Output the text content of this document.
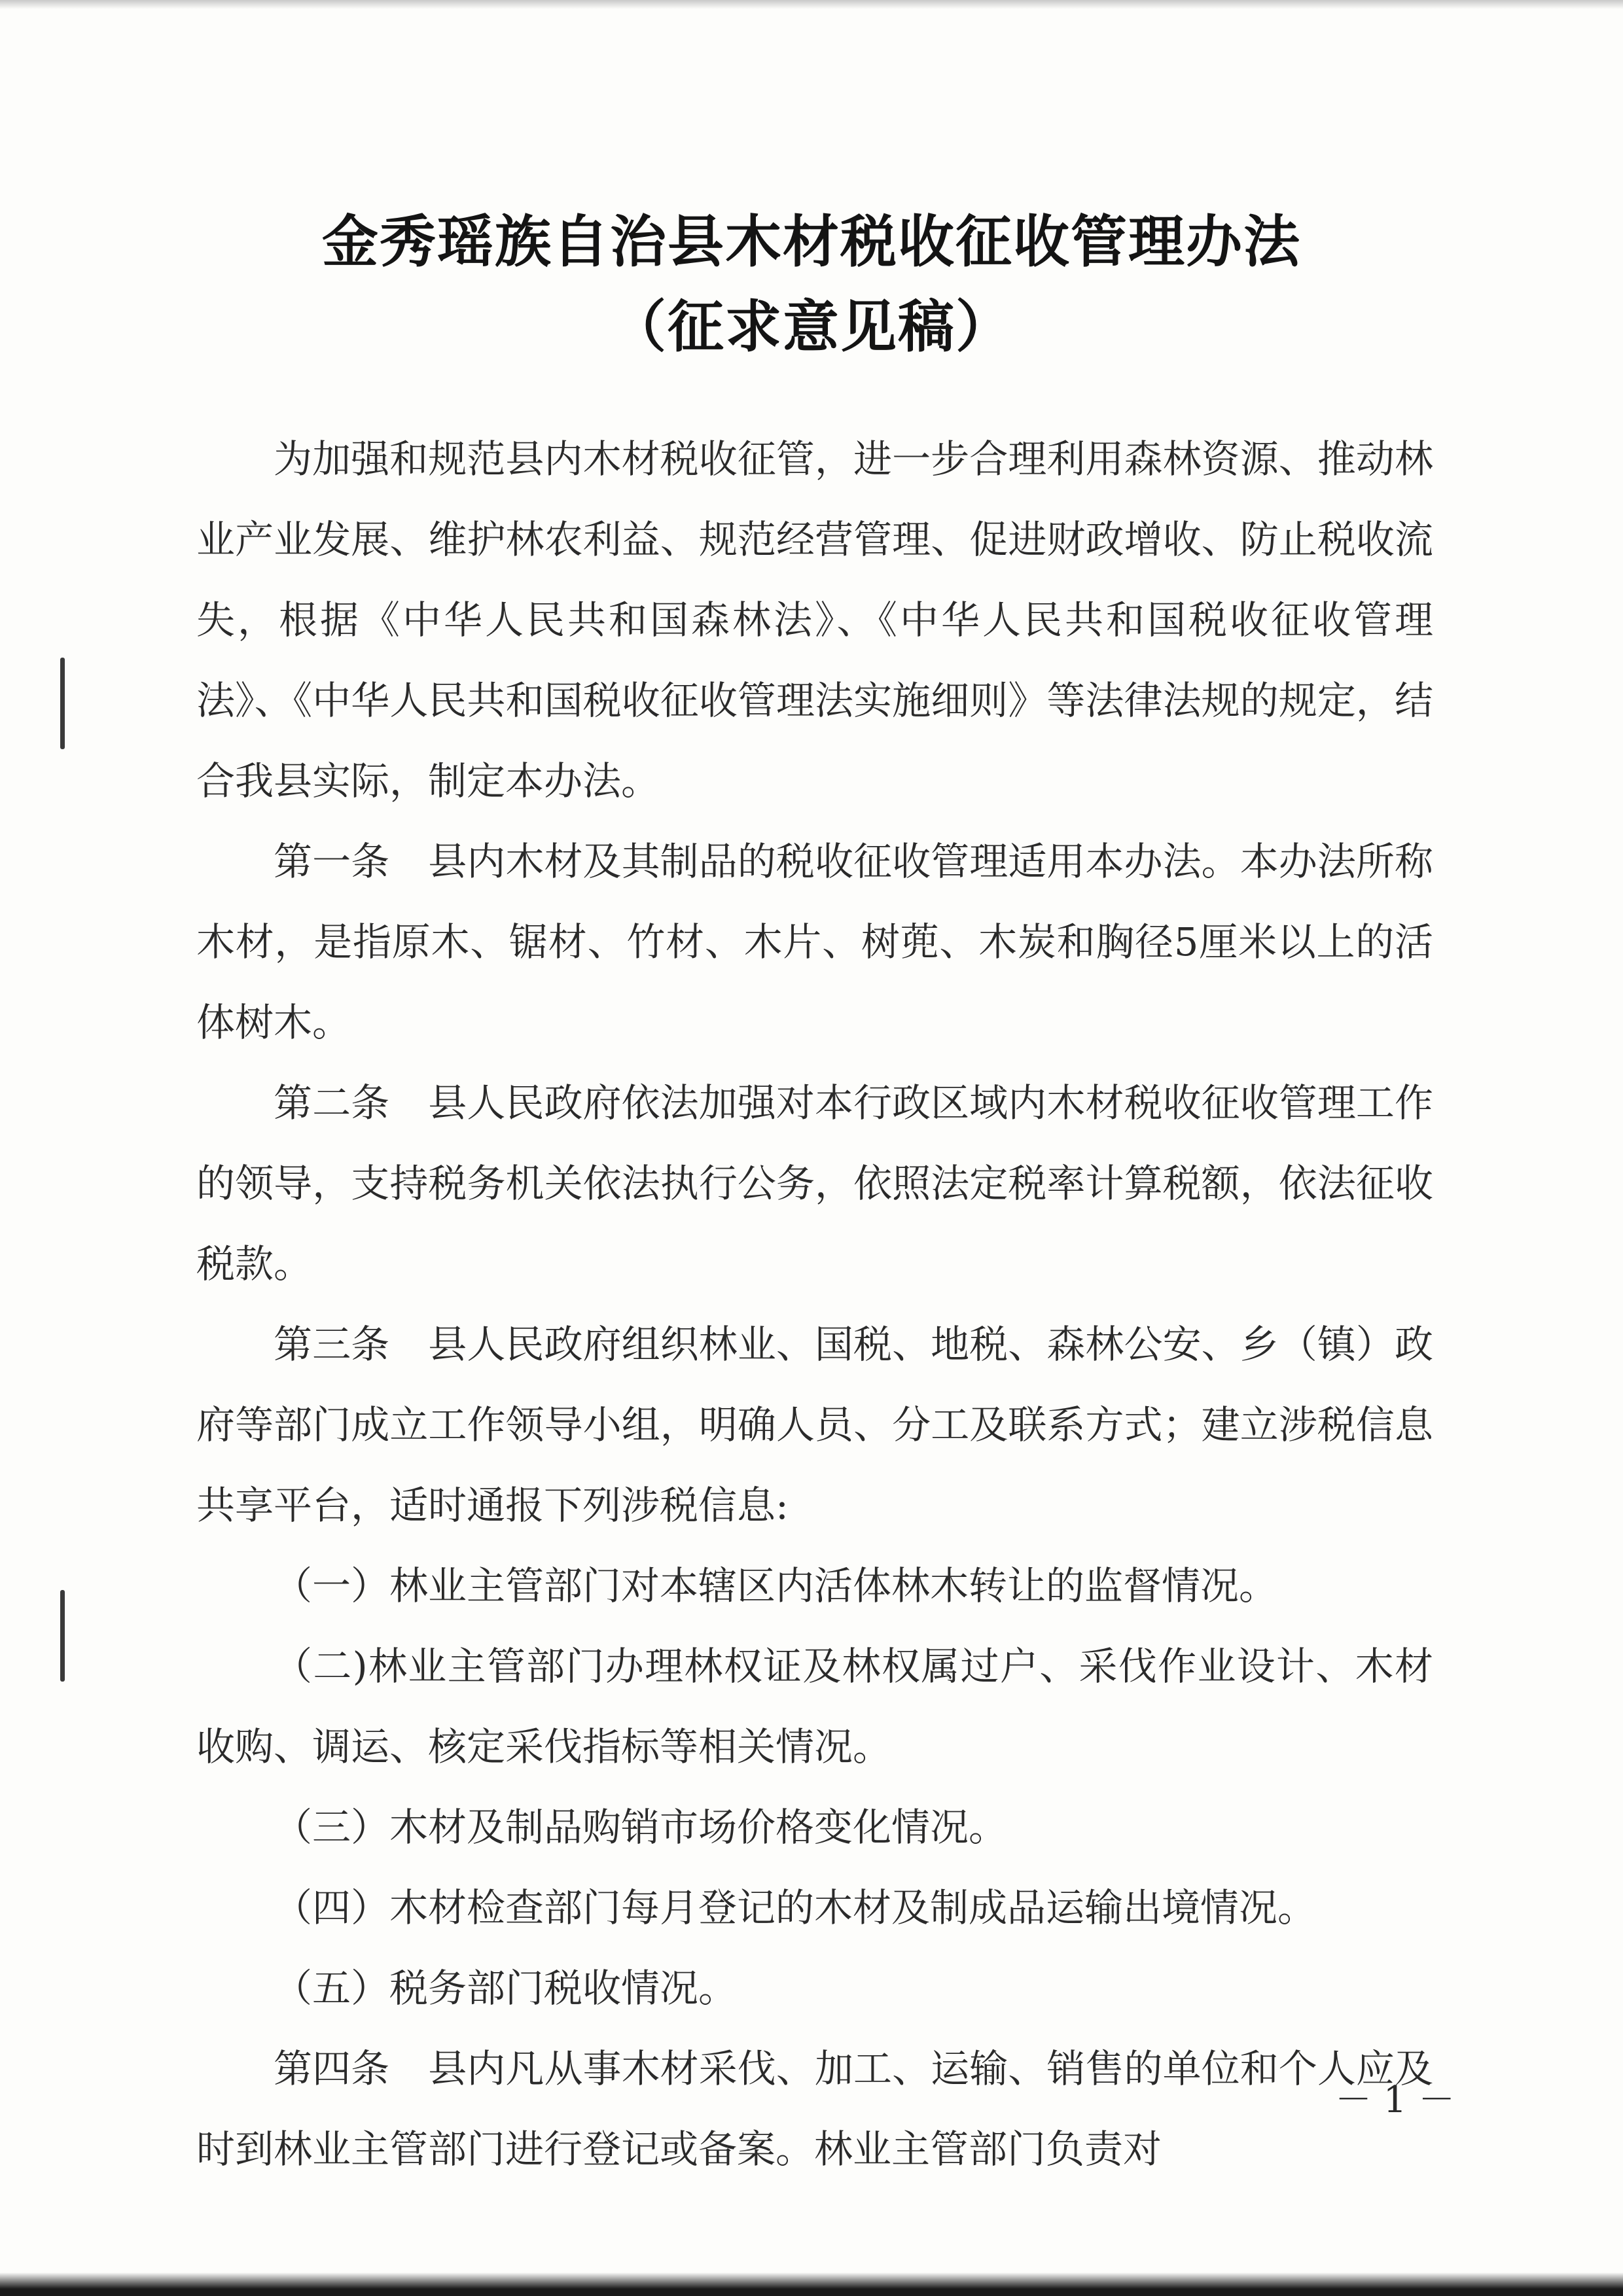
金秀瑶族自治县木材税收征收管理办法
（征求意见稿）

为加强和规范县内木材税收征管，进一步合理利用森林资源、推动林业产业发展、维护林农利益、规范经营管理、促进财政增收、防止税收流失，根据《中华人民共和国森林法》、《中华人民共和国税收征收管理法》、《中华人民共和国税收征收管理法实施细则》等法律法规的规定，结合我县实际，制定本办法。

第一条　县内木材及其制品的税收征收管理适用本办法。本办法所称木材，是指原木、锯材、竹材、木片、树蔸、木炭和胸径5厘米以上的活体树木。

第二条　县人民政府依法加强对本行政区域内木材税收征收管理工作的领导，支持税务机关依法执行公务，依照法定税率计算税额，依法征收税款。

第三条　县人民政府组织林业、国税、地税、森林公安、乡（镇）政府等部门成立工作领导小组，明确人员、分工及联系方式；建立涉税信息共享平台，适时通报下列涉税信息:

（一）林业主管部门对本辖区内活体林木转让的监督情况。

（二)林业主管部门办理林权证及林权属过户、采伐作业设计、木材收购、调运、核定采伐指标等相关情况。

（三）木材及制品购销市场价格变化情况。

（四）木材检查部门每月登记的木材及制成品运输出境情况。

（五）税务部门税收情况。

第四条　县内凡从事木材采伐、加工、运输、销售的单位和个人应及时到林业主管部门进行登记或备案。林业主管部门负责对

－ 1 －
